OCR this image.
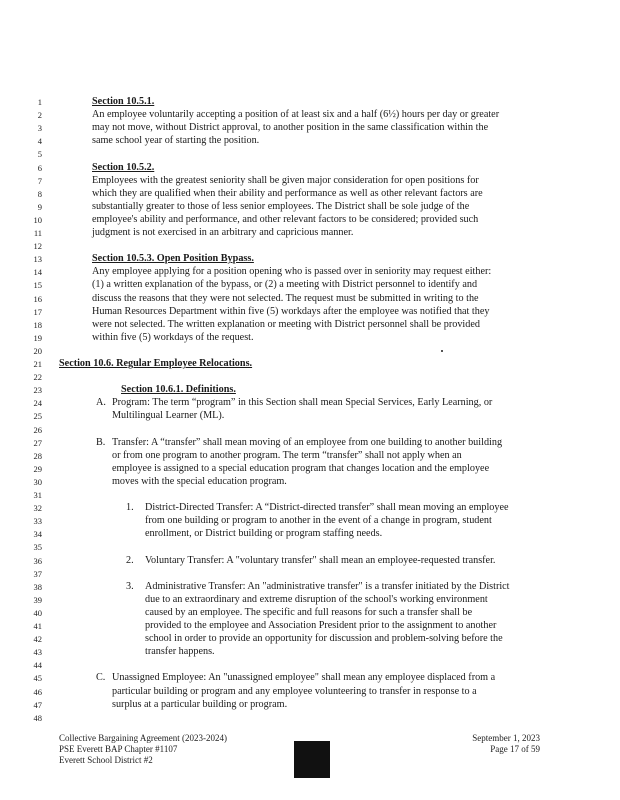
1
2
3
4
5
6
7
8
9
10
11
12
13
14
15
16
17
18
19
20
21
22
23
24
25
26
27
28
29
30
31
32
33
34
35
36
37
38
39
40
41
42
43
44
45
46
47
48
Section 10.5.1.
An employee voluntarily accepting a position of at least six and a half (6½) hours per day or greater
may not move, without District approval, to another position in the same classification within the
same school year of starting the position.
Section 10.5.2.
Employees with the greatest seniority shall be given major consideration for open positions for
which they are qualified when their ability and performance as well as other relevant factors are
substantially greater to those of less senior employees. The District shall be sole judge of the
employee's ability and performance, and other relevant factors to be considered; provided such
judgment is not exercised in an arbitrary and capricious manner.
Section 10.5.3. Open Position Bypass.
Any employee applying for a position opening who is passed over in seniority may request either:
(1) a written explanation of the bypass, or (2) a meeting with District personnel to identify and
discuss the reasons that they were not selected. The request must be submitted in writing to the
Human Resources Department within five (5) workdays after the employee was notified that they
were not selected. The written explanation or meeting with District personnel shall be provided
within five (5) workdays of the request.
Section 10.6. Regular Employee Relocations.
Section 10.6.1. Definitions.
A. Program: The term “program” in this Section shall mean Special Services, Early Learning, or
Multilingual Learner (ML).
B. Transfer: A “transfer” shall mean moving of an employee from one building to another building
or from one program to another program. The term “transfer” shall not apply when an
employee is assigned to a special education program that changes location and the employee
moves with the special education program.
1. District-Directed Transfer: A “District-directed transfer” shall mean moving an employee
from one building or program to another in the event of a change in program, student
enrollment, or District building or program staffing needs.
2. Voluntary Transfer: A "voluntary transfer" shall mean an employee-requested transfer.
3. Administrative Transfer: An "administrative transfer" is a transfer initiated by the District
due to an extraordinary and extreme disruption of the school's working environment
caused by an employee. The specific and full reasons for such a transfer shall be
provided to the employee and Association President prior to the assignment to another
school in order to provide an opportunity for discussion and problem-solving before the
transfer happens.
C. Unassigned Employee: An "unassigned employee" shall mean any employee displaced from a
particular building or program and any employee volunteering to transfer in response to a
surplus at a particular building or program.
Collective Bargaining Agreement (2023-2024)
PSE Everett BAP Chapter #1107
Everett School District #2
September 1, 2023
Page 17 of 59
